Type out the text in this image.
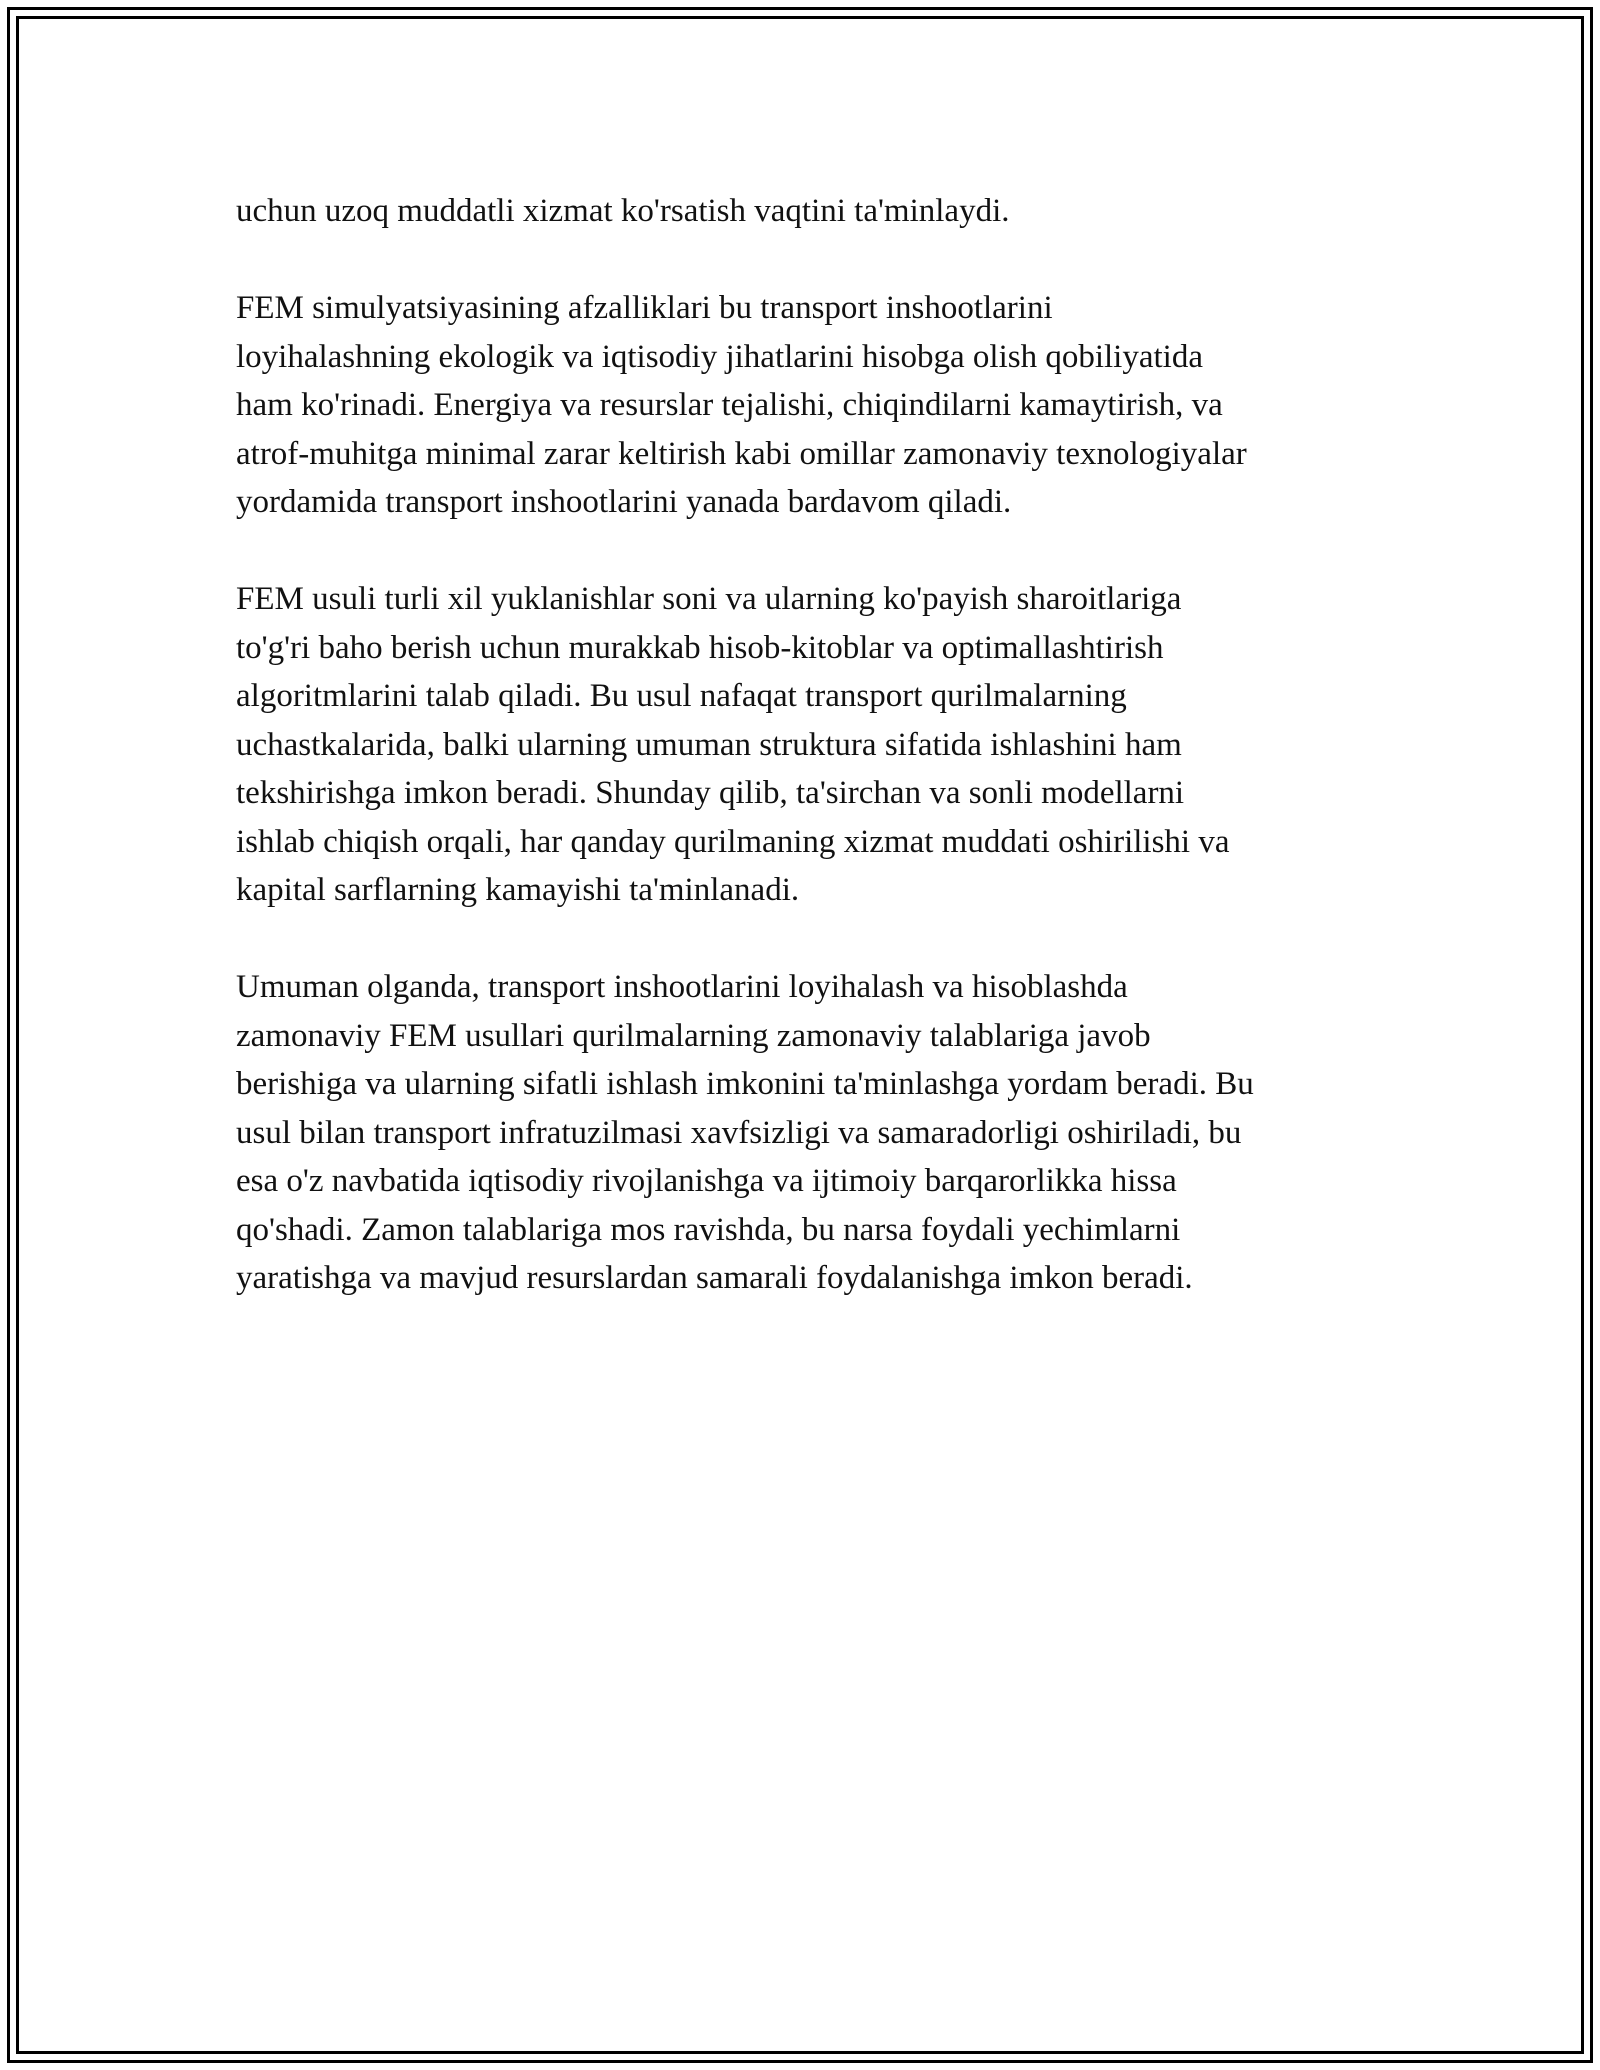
uchun uzoq muddatli xizmat ko'rsatish vaqtini ta'minlaydi.
FEM simulyatsiyasining afzalliklari bu transport inshootlarini
loyihalashning ekologik va iqtisodiy jihatlarini hisobga olish qobiliyatida
ham ko'rinadi. Energiya va resurslar tejalishi, chiqindilarni kamaytirish, va
atrof-muhitga minimal zarar keltirish kabi omillar zamonaviy texnologiyalar
yordamida transport inshootlarini yanada bardavom qiladi.
FEM usuli turli xil yuklanishlar soni va ularning ko'payish sharoitlariga
to'g'ri baho berish uchun murakkab hisob-kitoblar va optimallashtirish
algoritmlarini talab qiladi. Bu usul nafaqat transport qurilmalarning
uchastkalarida, balki ularning umuman struktura sifatida ishlashini ham
tekshirishga imkon beradi. Shunday qilib, ta'sirchan va sonli modellarni
ishlab chiqish orqali, har qanday qurilmaning xizmat muddati oshirilishi va
kapital sarflarning kamayishi ta'minlanadi.
Umuman olganda, transport inshootlarini loyihalash va hisoblashda
zamonaviy FEM usullari qurilmalarning zamonaviy talablariga javob
berishiga va ularning sifatli ishlash imkonini ta'minlashga yordam beradi. Bu
usul bilan transport infratuzilmasi xavfsizligi va samaradorligi oshiriladi, bu
esa o'z navbatida iqtisodiy rivojlanishga va ijtimoiy barqarorlikka hissa
qo'shadi. Zamon talablariga mos ravishda, bu narsa foydali yechimlarni
yaratishga va mavjud resurslardan samarali foydalanishga imkon beradi.
